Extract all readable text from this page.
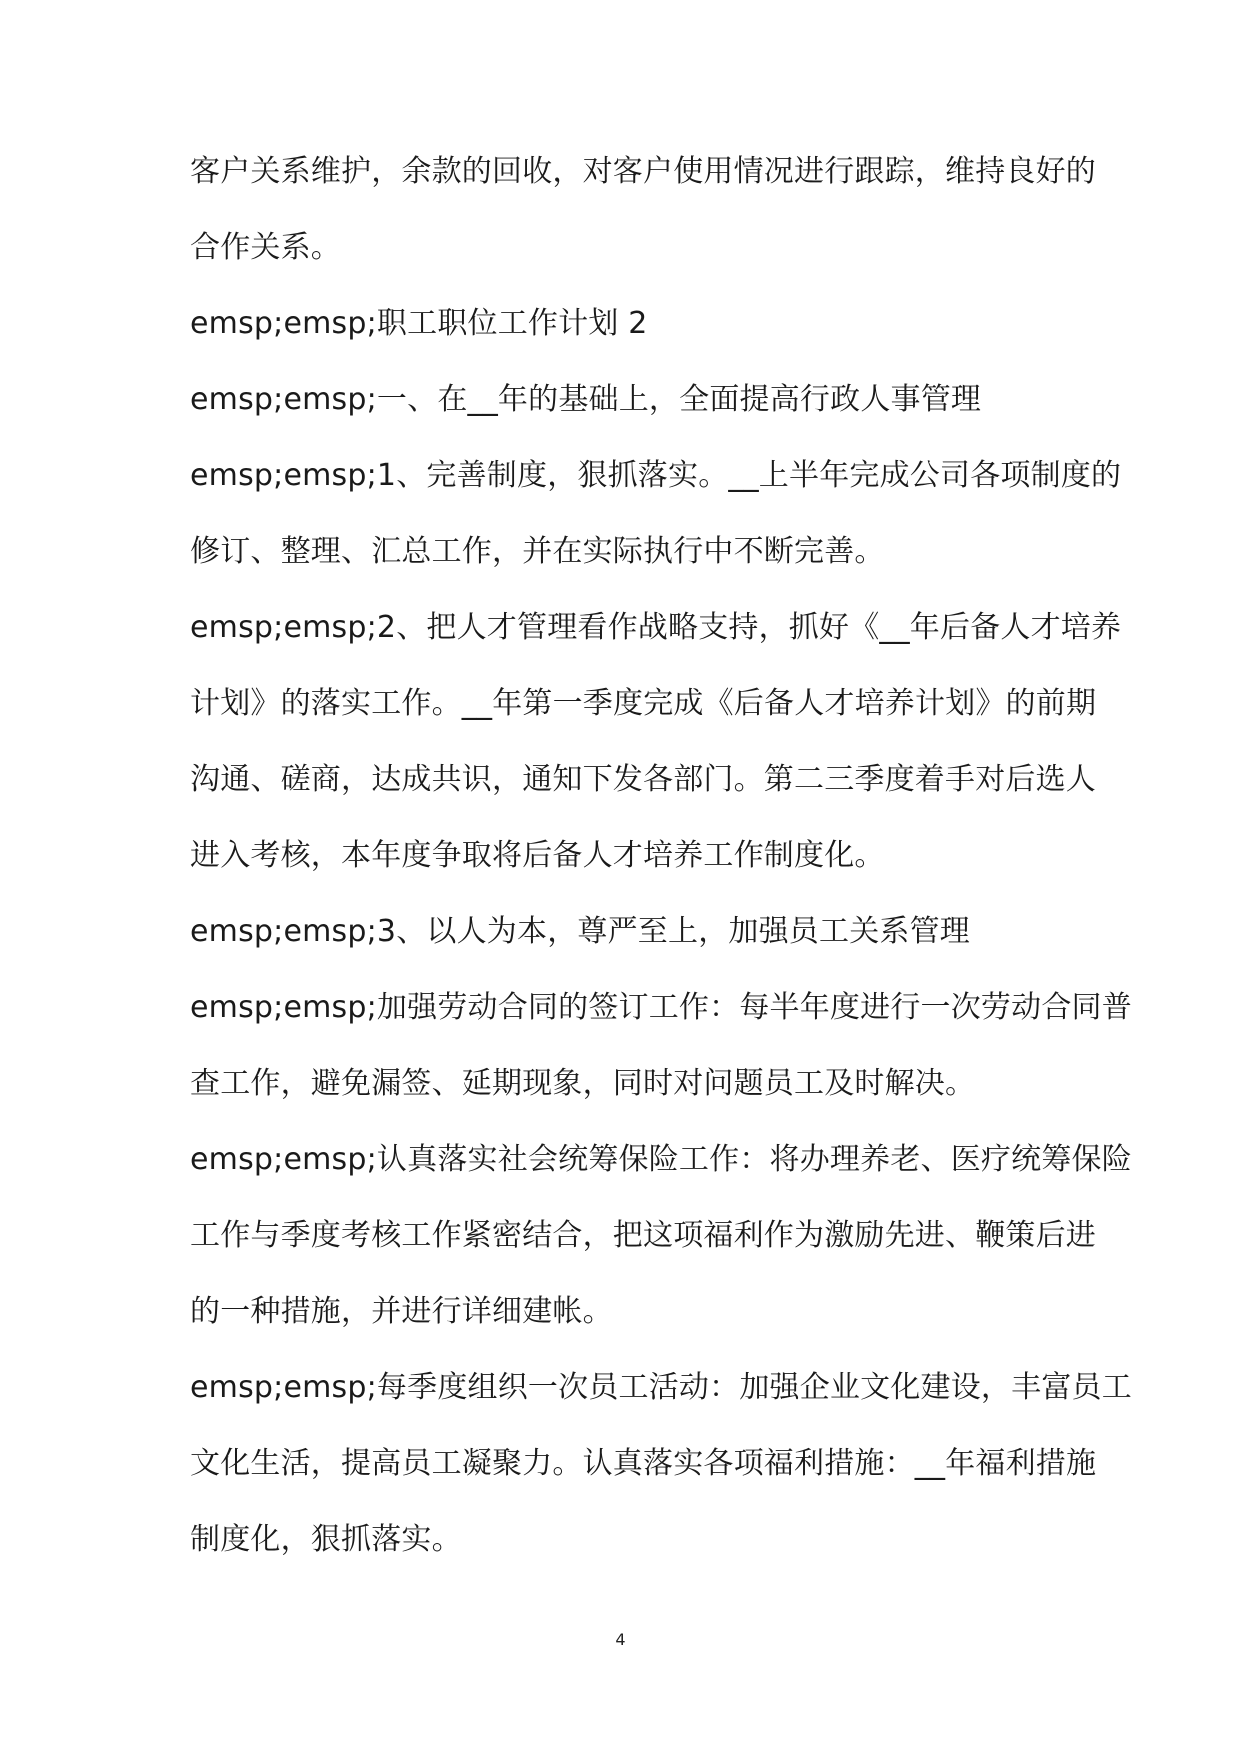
客户关系维护，余款的回收，对客户使用情况进行跟踪，维持良好的
合作关系。
emsp;emsp;职工职位工作计划 2
emsp;emsp;一、在__年的基础上，全面提高行政人事管理
emsp;emsp;1、完善制度，狠抓落实。__上半年完成公司各项制度的
修订、整理、汇总工作，并在实际执行中不断完善。
emsp;emsp;2、把人才管理看作战略支持，抓好《__年后备人才培养
计划》的落实工作。__年第一季度完成《后备人才培养计划》的前期
沟通、磋商，达成共识，通知下发各部门。第二三季度着手对后选人
进入考核，本年度争取将后备人才培养工作制度化。
emsp;emsp;3、以人为本，尊严至上，加强员工关系管理
emsp;emsp;加强劳动合同的签订工作：每半年度进行一次劳动合同普
查工作，避免漏签、延期现象，同时对问题员工及时解决。
emsp;emsp;认真落实社会统筹保险工作：将办理养老、医疗统筹保险
工作与季度考核工作紧密结合，把这项福利作为激励先进、鞭策后进
的一种措施，并进行详细建帐。
emsp;emsp;每季度组织一次员工活动：加强企业文化建设，丰富员工
文化生活，提高员工凝聚力。认真落实各项福利措施：__年福利措施
制度化，狠抓落实。
4
